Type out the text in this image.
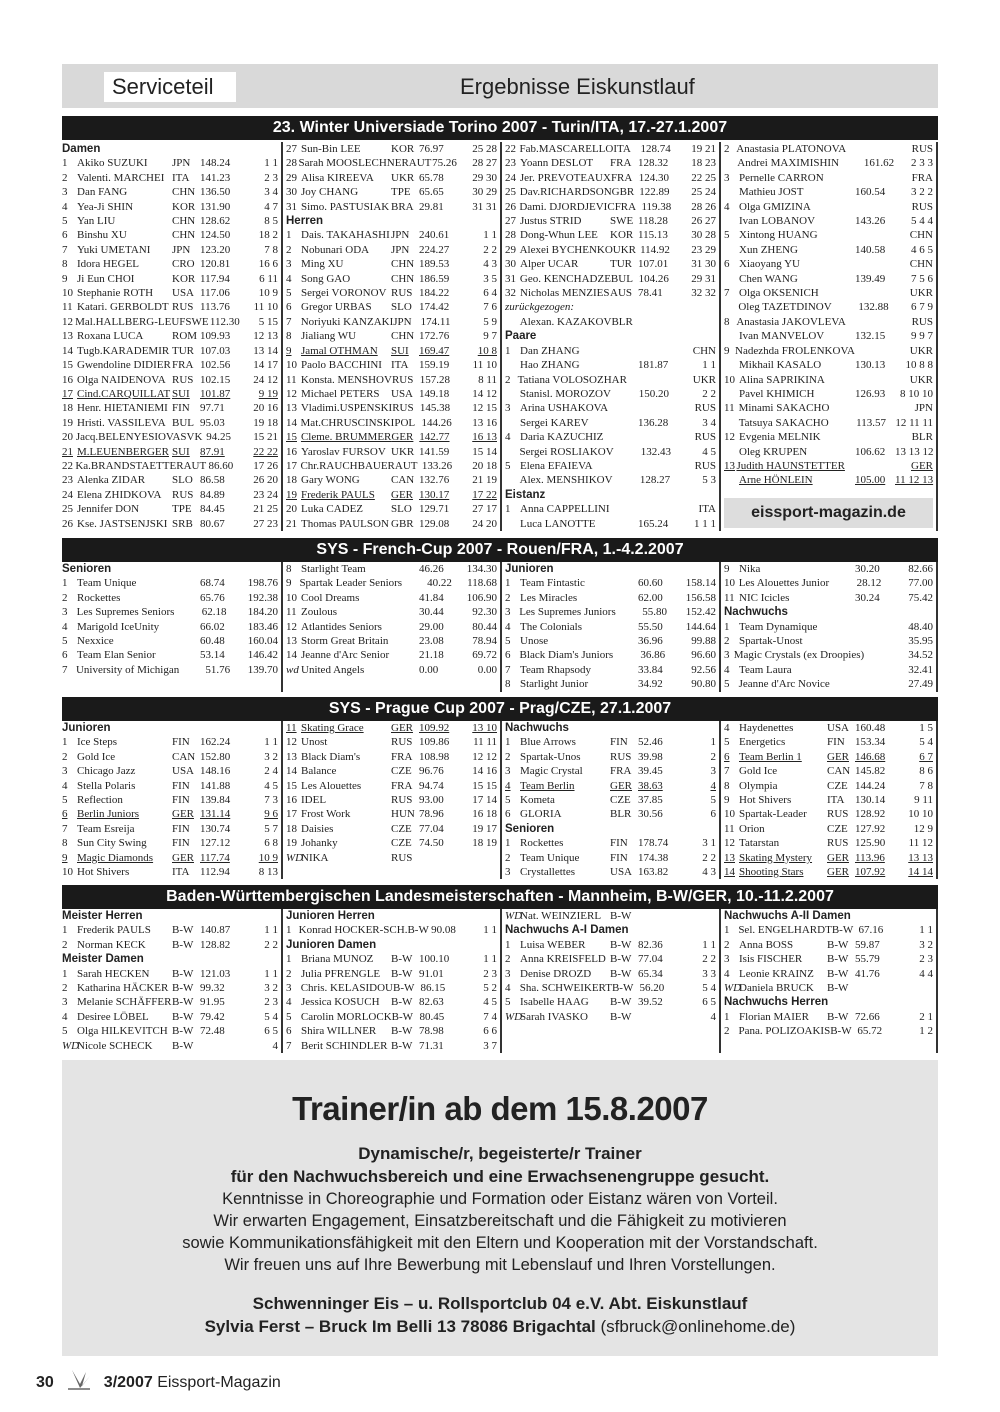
Serviceteil	Ergebnisse Eiskunstlauf
23. Winter Universiade Torino 2007 - Turin/ITA, 17.-27.1.2007
Damen
1 Akiko SUZUKI	JPN 148.24	1 1
2 Valenti. MARCHEI ITA 141.23	2 3
3 Dan FANG	CHN 136.50	3 4
4 Yea-Ji SHIN	KOR 131.90	4 7
5 Yan LIU	CHN 128.62	8 5
6 Binshu XU	CHN 124.50	18 2
7 Yuki UMETANI	JPN 123.20	7 8
8 Idora HEGEL	CRO 120.81	16 6
9 Ji Eun CHOI	KOR 117.94	6 11
10 Stephanie ROTH	USA 117.06	10 9
11 Katari. GERBOLDT RUS 113.76	11 10
12 Mal.HALLBERG-LEUF SWE 112.30	5 15
13 Roxana LUCA	ROM 109.93	12 13
14 Tugb.KARADEMIR TUR 107.03	13 14
15 Gwendoline DIDIER FRA 102.56	14 17
16 Olga NAIDENOVA RUS 102.15	24 12
17 Cind.CARQUILLAT SUI 101.87	9 19
18 Henr. HIETANIEMI FIN 97.71	20 16
19 Hristi. VASSILEVA BUL 95.03	19 18
20 Jacq.BELENYESIOVA SVK 94.25	15 21
21 M.LEUENBERGER SUI 87.91	22 22
22 Ka.BRANDSTAETTER AUT 86.60	17 26
23 Alenka ZIDAR	SLO 86.58	26 20
24 Elena ZHIDKOVA RUS 84.89	23 24
25 Jennifer DON	TPE 84.45	21 25
26 Kse. JASTSENJSKI SRB 80.67	27 23
27 Sun-Bin LEE	KOR 76.97	25 28
28 Sarah MOOSLECHNER AUT 75.26	28 27
29 Alisa KIREEVA	UKR 65.78	29 30
30 Joy CHANG	TPE 65.65	30 29
31 Simo. PASTUSIAK BRA 29.81	31 31
Herren
1 Dais. TAKAHASHI JPN 240.61	1 1
2 Nobunari ODA	JPN 224.27	2 2
3 Ming XU	CHN 189.53	4 3
4 Song GAO	CHN 186.59	3 5
5 Sergei VORONOV RUS 184.22	6 4
6 Gregor URBAS	SLO 174.42	7 6
7 Noriyuki KANZAKI JPN 174.11	5 9
8 Jialiang WU	CHN 172.76	9 7
9 Jamal OTHMAN	SUI 169.47	10 8
10 Paolo BACCHINI ITA 159.19	11 10
11 Konsta. MENSHOV RUS 157.28	8 11
12 Michael PETERS	USA 149.18	14 12
13 Vladimi.USPENSKI RUS 145.38	12 15
14 Mat.CHRUSCINSKI POL 144.26	13 16
15 Cleme. BRUMMER GER 142.77	16 13
16 Yaroslav FURSOV UKR 141.59	15 14
17 Chr.RAUCHBAUER AUT 133.26	20 18
18 Gary WONG	CAN 132.76	21 19
19 Frederik PAULS	GER 130.17	17 22
20 Luka CADEZ	SLO 129.71	27 17
21 Thomas PAULSON GBR 129.08	24 20
22 Fab.MASCARELLO ITA 128.74	19 21
23 Yoann DESLOT	FRA 128.32	18 23
24 Jer. PREVOTEAUX FRA 124.30	22 25
25 Dav.RICHARDSON GBR 122.89	25 24
26 Dami. DJORDJEVIC FRA 119.38	28 26
27 Justus STRID	SWE 118.28	26 27
28 Dong-Whun LEE	KOR 115.13	30 28
29 Alexei BYCHENKO UKR 114.92	23 29
30 Alper UCAR	TUR 107.01	31 30
31 Geo. KENCHADZE BUL 104.26	29 31
32 Nicholas MENZIES AUS 78.41	32 32
zurückgezogen:
Alexan. KAZAKOV BLR
Paare
1 Dan ZHANG	CHN
Hao ZHANG	181.87	1 1
2 Tatiana VOLOSOZHAR	UKR
Stanisl. MOROZOV	150.20	2 2
3 Arina USHAKOVA	RUS
Sergei KAREV	136.28	3 4
4 Daria KAZUCHIZ	RUS
Sergei ROSLIAKOV 132.43	4 5
5 Elena EFAIEVA	RUS
Alex. MENSHIKOV 128.27	5 3
Eistanz
1 Anna CAPPELLINI	ITA
Luca LANOTTE	165.24	1 1 1
2 Anastasia PLATONOVA	RUS
Andrei MAXIMISHIN 161.62	2 3 3
3 Pernelle CARRON	FRA
Mathieu JOST	160.54	3 2 2
4 Olga GMIZINA	RUS
Ivan LOBANOV	143.26	5 4 4
5 Xintong HUANG	CHN
Xun ZHENG	140.58	4 6 5
6 Xiaoyang YU	CHN
Chen WANG	139.49	7 5 6
7 Olga OKSENICH	UKR
Oleg TAZETDINOV 132.88	6 7 9
8 Anastasia JAKOVLEVA	RUS
Ivan MANVELOV	132.15	9 9 7
9 Nadezhda FROLENKOVA	UKR
Mikhail KASALO	130.13	10 8 8
10 Alina SAPRIKINA	UKR
Pavel KHIMICH	126.93	8 10 10
11 Minami SAKACHO	JPN
Tatsuya SAKACHO 113.57 12 11 11
12 Evgenia MELNIK	BLR
Oleg KRUPEN	106.62 13 13 12
13 Judith HAUNSTETTER	GER
Arne HÖNLEIN	105.00 11 12 13
eissport-magazin.de
SYS - French-Cup 2007 - Rouen/FRA, 1.-4.2.2007
Senioren
1 Team Unique	68.74	198.76
2 Rockettes	65.76	192.38
3 Les Supremes Seniors 62.18	184.20
4 Marigold IceUnity	66.02	183.46
5 Nexxice	60.48	160.04
6 Team Elan Senior	53.14	146.42
7 University of Michigan 51.76	139.70
8 Starlight Team	46.26	134.30
9 Spartak Leader Seniors 40.22	118.68
10 Cool Dreams	41.84	106.90
11 Zoulous	30.44	92.30
12 Atlantides Seniors	29.00	80.44
13 Storm Great Britain	23.08	78.94
14 Jeanne d'Arc Senior	21.18	69.72
wd United Angels	0.00	0.00
Junioren
1 Team Fintastic	60.60	158.14
2 Les Miracles	62.00	156.58
3 Les Supremes Juniors 55.80	152.42
4 The Colonials	55.50	144.64
5 Unose	36.96	99.88
6 Black Diam's Juniors 36.86	96.60
7 Team Rhapsody	33.84	92.56
8 Starlight Junior	34.92	90.80
9 Nika	30.20	82.66
10 Les Alouettes Junior 28.12	77.00
11 NIC Icicles	30.24	75.42
Nachwuchs
1 Team Dynamique	48.40
2 Spartak-Unost	35.95
3 Magic Crystals (ex Droopies)	34.52
4 Team Laura	32.41
5 Jeanne d'Arc Novice	27.49
SYS - Prague Cup 2007 - Prag/CZE, 27.1.2007
Junioren
1 Ice Steps	FIN 162.24	1 1
2 Gold Ice	CAN 152.80	3 2
3 Chicago Jazz	USA 148.16	2 4
4 Stella Polaris	FIN 141.88	4 5
5 Reflection	FIN 139.84	7 3
6 Berlin Juniors	GER 131.14	9 6
7 Team Esreija	FIN 130.74	5 7
8 Sun City Swing	FIN 127.12	6 8
9 Magic Diamonds	GER 117.74	10 9
10 Hot Shivers	ITA 112.94	8 13
11 Skating Grace	GER 109.92	13 10
12 Unost	RUS 109.86	11 11
13 Black Diam's	FRA 108.98	12 12
14 Balance	CZE 96.76	14 16
15 Les Alouettes	FRA 94.74	15 15
16 IDEL	RUS 93.00	17 14
17 Frost Work	HUN 78.96	16 18
18 Daisies	CZE 77.04	19 17
19 Johanky	CZE 74.50	18 19
WD
NIKA	RUS
Nachwuchs
1 Blue Arrows	FIN 52.46	1
2 Spartak-Unos	RUS 39.98	2
3 Magic Crystal	FRA 39.45	3
4 Team Berlin	GER 38.63	4
5 Kometa	CZE 37.85	5
6 GLORIA	BLR 30.56	6
Senioren
1 Rockettes	FIN 178.74	3 1
2 Team Unique	FIN 174.38	2 2
3 Crystallettes	USA 163.82	4 3
4 Haydenettes	USA 160.48	1 5
5 Energetics	FIN 153.34	5 4
6 Team Berlin 1	GER 146.68	6 7
7 Gold Ice	CAN 145.82	8 6
8 Olympia	CZE 144.24	7 8
9 Hot Shivers	ITA 130.14	9 11
10 Spartak-Leader	RUS 128.92	10 10
11 Orion	CZE 127.92	12 9
12 Tatarstan	RUS 125.90	11 12
13 Skating Mystery	GER 113.96	13 13
14 Shooting Stars	GER 107.92	14 14
Baden-Württembergischen Landesmeisterschaften - Mannheim, B-W/GER, 10.-11.2.2007
Meister Herren
1 Frederik PAULS	B-W 140.87	1 1
2 Norman KECK	B-W 128.82	2 2
Meister Damen
1 Sarah HECKEN	B-W 121.03	1 1
2 Katharina HÄCKER B-W 99.32	3 2
3 Melanie SCHÄFFER B-W 91.95	2 3
4 Desiree LÖBEL	B-W 79.42	5 4
5 Olga HILKEVITCH B-W 72.48	6 5
WD
Nicole SCHECK	B-W	4
Junioren Herren
1 Konrad HOCKER-SCH. B-W 90.08	1 1
Junioren Damen
1 Briana MUNOZ	B-W 100.10	1 1
2 Julia PFRENGLE B-W 91.01	2 3
3 Chris. KELASIDOU B-W 86.15	5 2
4 Jessica KOSUCH	B-W 82.63	4 5
5 Carolin MORLOCK B-W 80.45	7 4
6 Shira WILLNER	B-W 78.98	6 6
7 Berit SCHINDLER B-W 71.31	3 7
WD
Nat. WEINZIERL B-W
Nachwuchs A-I Damen
1 Luisa WEBER	B-W 82.36	1 1
2 Anna KREISFELD B-W 77.04	2 2
3 Denise DROZD	B-W 65.34	3 3
4 Sha. SCHWEIKERT B-W 56.20	5 4
5 Isabelle HAAG	B-W 39.52	6 5
WD
Sarah IVASKO	B-W	4
Nachwuchs A-II Damen
1 Sel. ENGELHARDT B-W 67.16	1 1
2 Anna BOSS	B-W 59.87	3 2
3 Isis FISCHER	B-W 55.79	2 3
4 Leonie KRAINZ	B-W 41.76	4 4
WD
Daniela BRUCK	B-W
Nachwuchs Herren
1 Florian MAIER	B-W 72.66	2 1
2 Pana. POLIZOAKIS B-W 65.72	1 2
Trainer/in ab dem 15.8.2007
Dynamische/r, begeisterte/r Trainer
für den Nachwuchsbereich und eine Erwachsenengruppe gesucht.
Kenntnisse in Choreographie und Formation oder Eistanz wären von Vorteil.
Wir erwarten Engagement, Einsatzbereitschaft und die Fähigkeit zu motivieren
sowie Kommunikationsfähigkeit mit den Eltern und Kooperation mit der Vorstandschaft.
Wir freuen uns auf Ihre Bewerbung mit Lebenslauf und Ihren Vorstellungen.
Schwenninger Eis – u. Rollsportclub 04 e.V. Abt. Eiskunstlauf
Sylvia Ferst – Bruck Im Belli 13 78086 Brigachtal (sfbruck@onlinehome.de)
30	3/2007 Eissport-Magazin
